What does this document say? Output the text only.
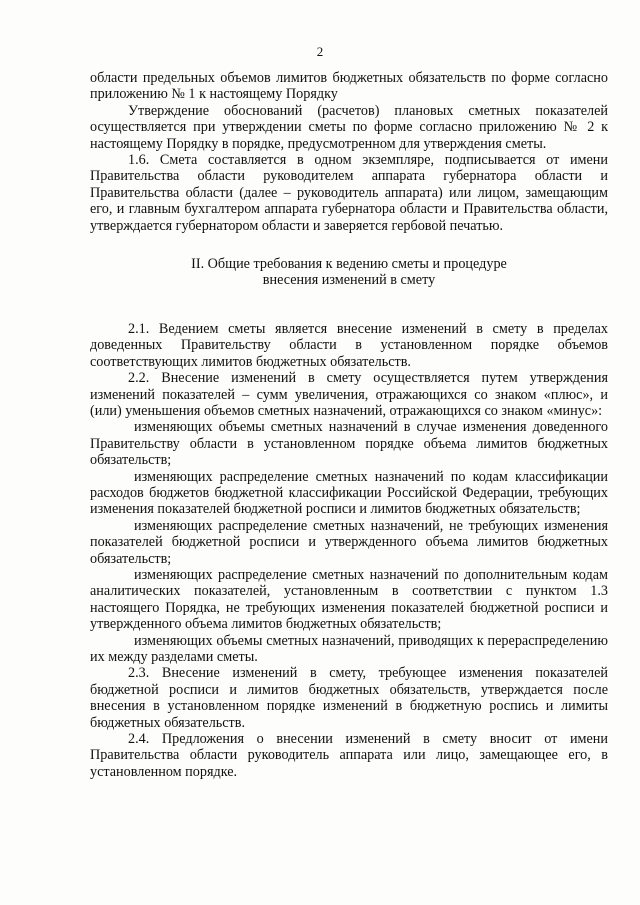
2

области предельных объемов лимитов бюджетных обязательств по форме согласно приложению № 1 к настоящему Порядку

Утверждение обоснований (расчетов) плановых сметных показателей осуществляется при утверждении сметы по форме согласно приложению № 2 к настоящему Порядку в порядке, предусмотренном для утверждения сметы.

1.6. Смета составляется в одном экземпляре, подписывается от имени Правительства области руководителем аппарата губернатора области и Правительства области (далее – руководитель аппарата) или лицом, замещающим его, и главным бухгалтером аппарата губернатора области и Правительства области, утверждается губернатором области и заверяется гербовой печатью.

II. Общие требования к ведению сметы и процедуре
внесения изменений в смету

2.1. Ведением сметы является внесение изменений в смету в пределах доведенных Правительству области в установленном порядке объемов соответствующих лимитов бюджетных обязательств.

2.2. Внесение изменений в смету осуществляется путем утверждения изменений показателей – сумм увеличения, отражающихся со знаком «плюс», и (или) уменьшения объемов сметных назначений, отражающихся со знаком «минус»:

изменяющих объемы сметных назначений в случае изменения доведенного Правительству области в установленном порядке объема лимитов бюджетных обязательств;

изменяющих распределение сметных назначений по кодам классификации расходов бюджетов бюджетной классификации Российской Федерации, требующих изменения показателей бюджетной росписи и лимитов бюджетных обязательств;

изменяющих распределение сметных назначений, не требующих изменения показателей бюджетной росписи и утвержденного объема лимитов бюджетных обязательств;

изменяющих распределение сметных назначений по дополнительным кодам аналитических показателей, установленным в соответствии с пунктом 1.3 настоящего Порядка, не требующих изменения показателей бюджетной росписи и утвержденного объема лимитов бюджетных обязательств;

изменяющих объемы сметных назначений, приводящих к перераспределению их между разделами сметы.

2.3. Внесение изменений в смету, требующее изменения показателей бюджетной росписи и лимитов бюджетных обязательств, утверждается после внесения в установленном порядке изменений в бюджетную роспись и лимиты бюджетных обязательств.

2.4. Предложения о внесении изменений в смету вносит от имени Правительства области руководитель аппарата или лицо, замещающее его, в установленном порядке.
